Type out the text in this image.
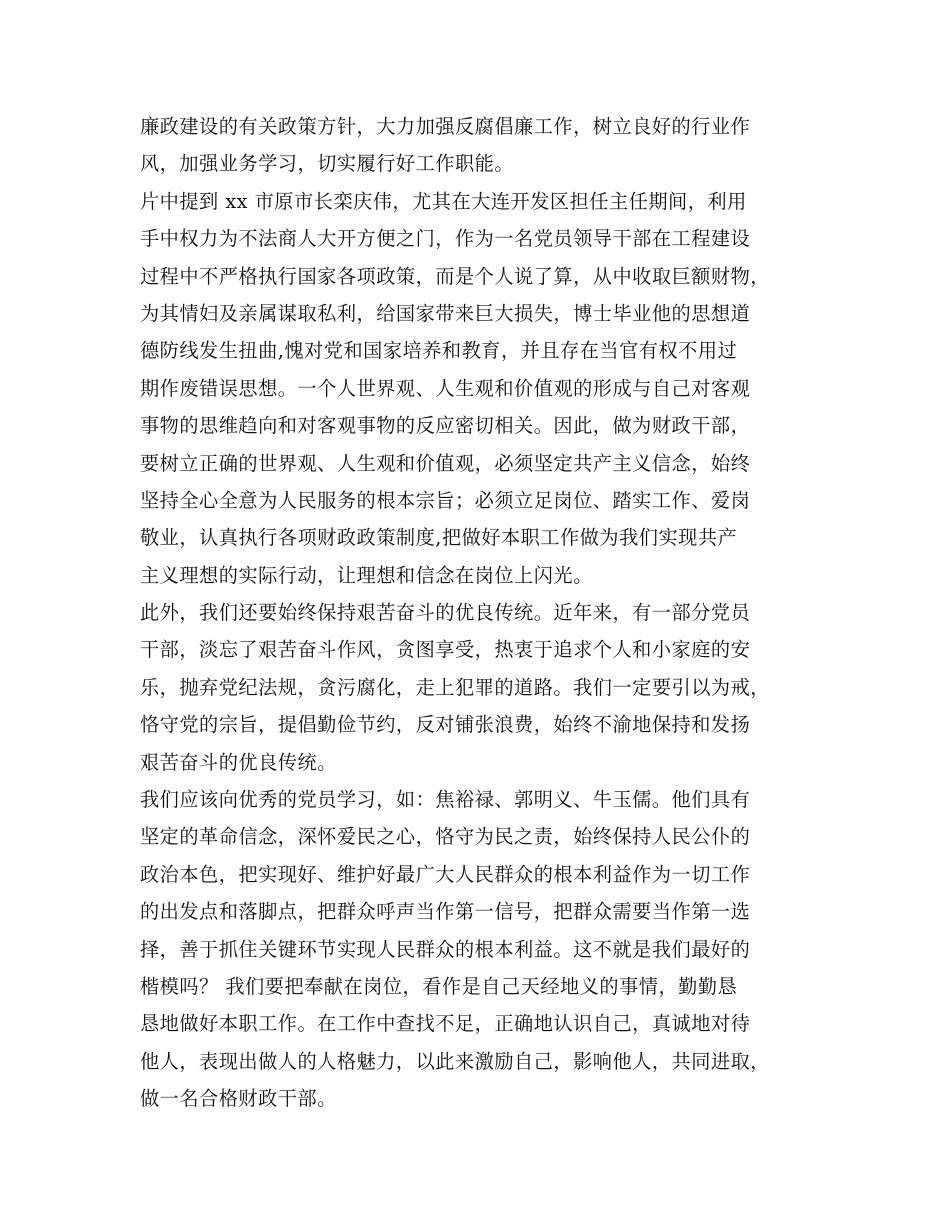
廉政建设的有关政策方针，大力加强反腐倡廉工作，树立良好的行业作
风，加强业务学习，切实履行好工作职能。
片中提到 xx 市原市长栾庆伟，尤其在大连开发区担任主任期间，利用
手中权力为不法商人大开方便之门，作为一名党员领导干部在工程建设
过程中不严格执行国家各项政策，而是个人说了算，从中收取巨额财物，
为其情妇及亲属谋取私利，给国家带来巨大损失，博士毕业他的思想道
德防线发生扭曲,愧对党和国家培养和教育，并且存在当官有权不用过
期作废错误思想。一个人世界观、人生观和价值观的形成与自己对客观
事物的思维趋向和对客观事物的反应密切相关。因此，做为财政干部，
要树立正确的世界观、人生观和价值观，必须坚定共产主义信念，始终
坚持全心全意为人民服务的根本宗旨；必须立足岗位、踏实工作、爱岗
敬业，认真执行各项财政政策制度,把做好本职工作做为我们实现共产
主义理想的实际行动，让理想和信念在岗位上闪光。
此外，我们还要始终保持艰苦奋斗的优良传统。近年来，有一部分党员
干部，淡忘了艰苦奋斗作风，贪图享受，热衷于追求个人和小家庭的安
乐，抛弃党纪法规，贪污腐化，走上犯罪的道路。我们一定要引以为戒，
恪守党的宗旨，提倡勤俭节约，反对铺张浪费，始终不渝地保持和发扬
艰苦奋斗的优良传统。
我们应该向优秀的党员学习，如：焦裕禄、郭明义、牛玉儒。他们具有
坚定的革命信念，深怀爱民之心，恪守为民之责，始终保持人民公仆的
政治本色，把实现好、维护好最广大人民群众的根本利益作为一切工作
的出发点和落脚点，把群众呼声当作第一信号，把群众需要当作第一选
择，善于抓住关键环节实现人民群众的根本利益。这不就是我们最好的
楷模吗？ 我们要把奉献在岗位，看作是自己天经地义的事情，勤勤恳
恳地做好本职工作。在工作中查找不足，正确地认识自己，真诚地对待
他人，表现出做人的人格魅力，以此来激励自己，影响他人，共同进取，
做一名合格财政干部。
